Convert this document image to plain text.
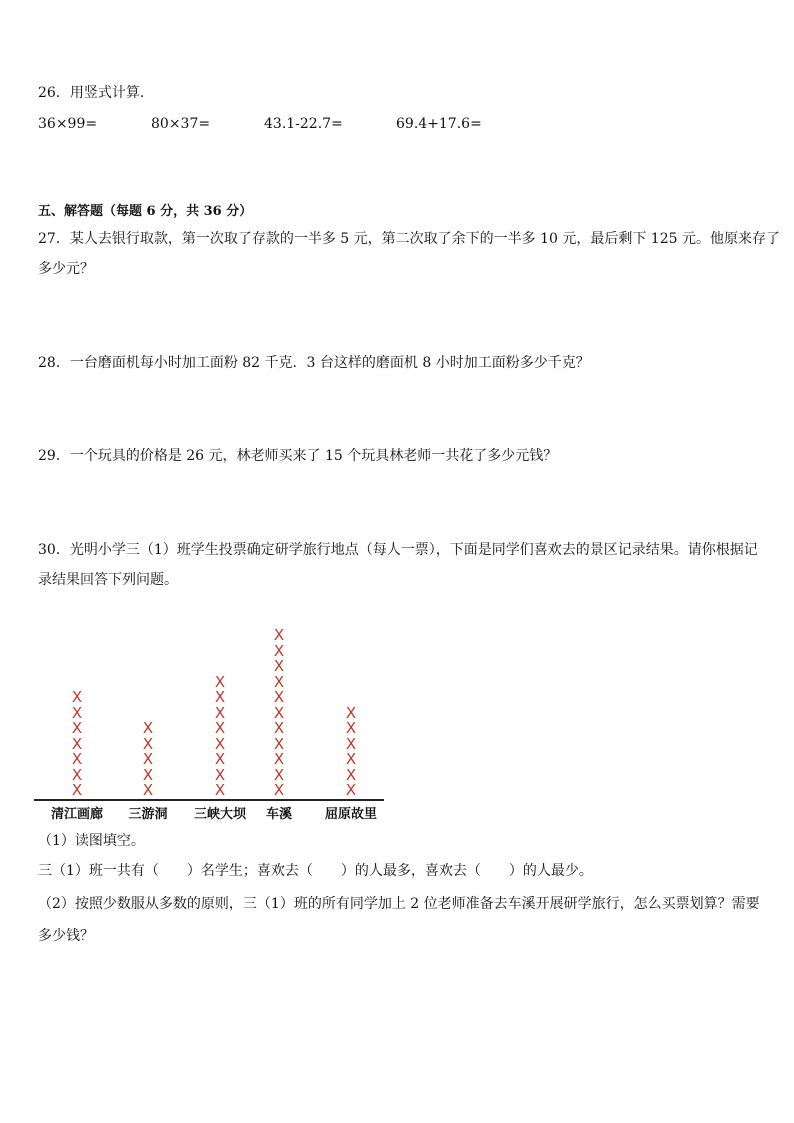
26．用竖式计算．
36×99=	80×37=	43.1-22.7=	69.4+17.6=
五、解答题（每题 6 分，共 36 分）
27．某人去银行取款，第一次取了存款的一半多 5 元，第二次取了余下的一半多 10 元，最后剩下 125 元。他原来存了
多少元？
28．一台磨面机每小时加工面粉 82 千克．3 台这样的磨面机 8 小时加工面粉多少千克？
29．一个玩具的价格是 26 元，林老师买来了 15 个玩具林老师一共花了多少元钱？
30．光明小学三（1）班学生投票确定研学旅行地点（每人一票），下面是同学们喜欢去的景区记录结果。请你根据记
录结果回答下列问题。
X
X
X
X
X
X
X
清江画廊
X
X
X
X
X
三游洞
X
X
X
X
X
X
X
X
三峡大坝
X
X
X
X
X
X
X
X
X
X
X
车溪
X
X
X
X
X
X
屈原故里
（1）读图填空。
三（1）班一共有（　　）名学生；喜欢去（　　）的人最多，喜欢去（　　）的人最少。
（2）按照少数服从多数的原则，三（1）班的所有同学加上 2 位老师准备去车溪开展研学旅行，怎么买票划算？需要
多少钱？
